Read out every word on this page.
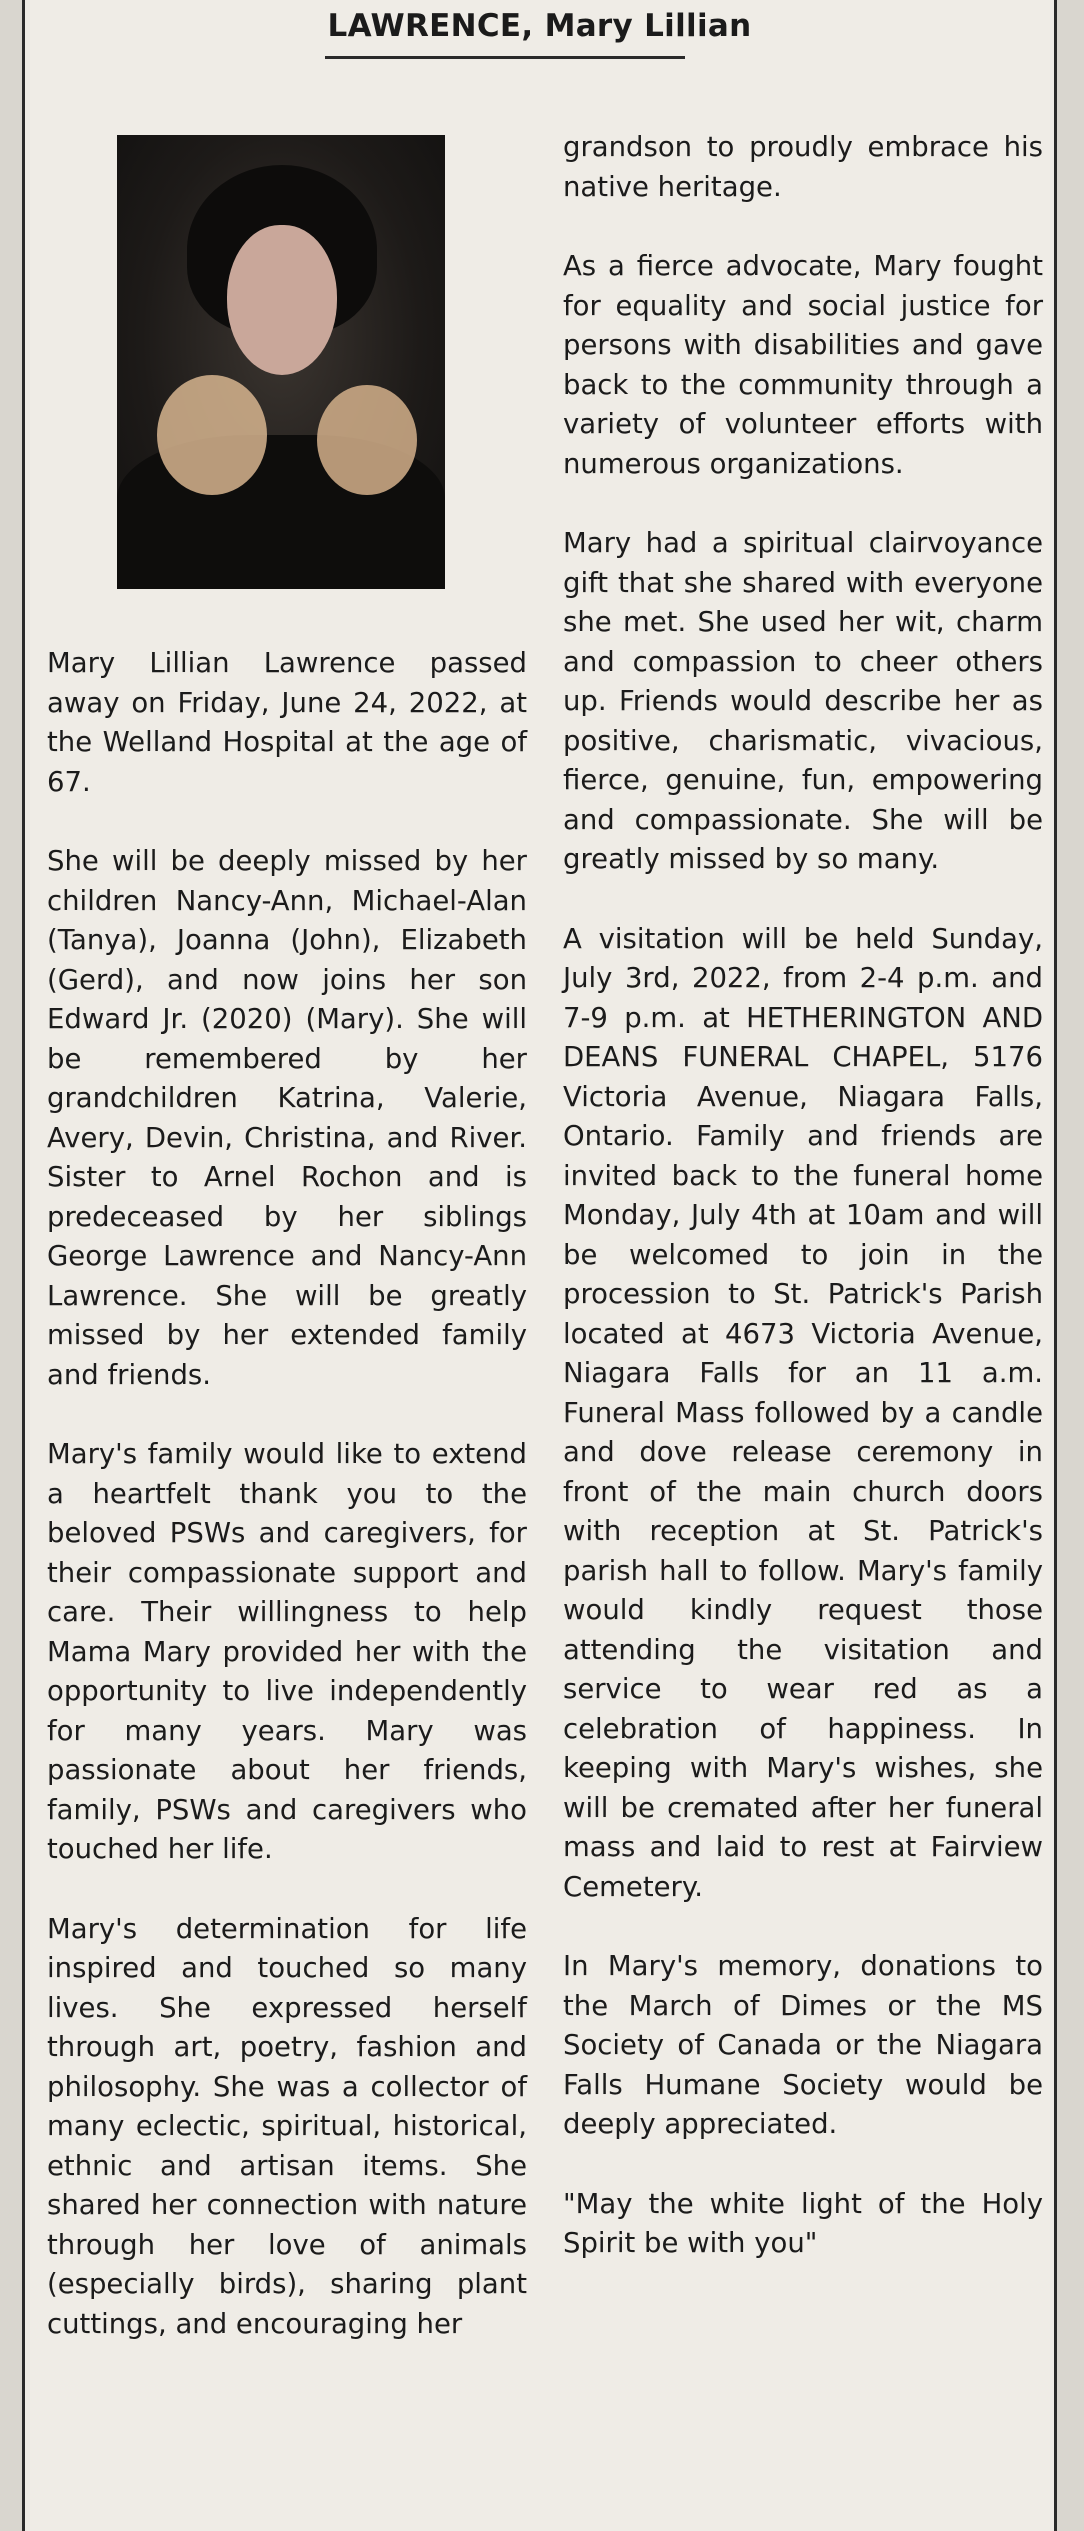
LAWRENCE, Mary Lillian

Mary Lillian Lawrence passed away on Friday, June 24, 2022, at the Welland Hospital at the age of 67.

She will be deeply missed by her children Nancy-Ann, Michael-Alan (Tanya), Joanna (John), Elizabeth (Gerd), and now joins her son Edward Jr. (2020) (Mary). She will be remembered by her grandchildren Katrina, Valerie, Avery, Devin, Christina, and River. Sister to Arnel Rochon and is predeceased by her siblings George Lawrence and Nancy-Ann Lawrence. She will be greatly missed by her extended family and friends.

Mary's family would like to extend a heartfelt thank you to the beloved PSWs and caregivers, for their compassionate support and care. Their willingness to help Mama Mary provided her with the opportunity to live independently for many years. Mary was passionate about her friends, family, PSWs and caregivers who touched her life.

Mary's determination for life inspired and touched so many lives. She expressed herself through art, poetry, fashion and philosophy. She was a collector of many eclectic, spiritual, historical, ethnic and artisan items. She shared her connection with nature through her love of animals (especially birds), sharing plant cuttings, and encouraging her

grandson to proudly embrace his native heritage.

As a fierce advocate, Mary fought for equality and social justice for persons with disabilities and gave back to the community through a variety of volunteer efforts with numerous organizations.

Mary had a spiritual clairvoyance gift that she shared with everyone she met. She used her wit, charm and compassion to cheer others up. Friends would describe her as positive, charismatic, vivacious, fierce, genuine, fun, empowering and compassionate. She will be greatly missed by so many.

A visitation will be held Sunday, July 3rd, 2022, from 2-4 p.m. and 7-9 p.m. at HETHERINGTON AND DEANS FUNERAL CHAPEL, 5176 Victoria Avenue, Niagara Falls, Ontario. Family and friends are invited back to the funeral home Monday, July 4th at 10am and will be welcomed to join in the procession to St. Patrick's Parish located at 4673 Victoria Avenue, Niagara Falls for an 11 a.m. Funeral Mass followed by a candle and dove release ceremony in front of the main church doors with reception at St. Patrick's parish hall to follow. Mary's family would kindly request those attending the visitation and service to wear red as a celebration of happiness. In keeping with Mary's wishes, she will be cremated after her funeral mass and laid to rest at Fairview Cemetery.

In Mary's memory, donations to the March of Dimes or the MS Society of Canada or the Niagara Falls Humane Society would be deeply appreciated.

"May the white light of the Holy Spirit be with you"
